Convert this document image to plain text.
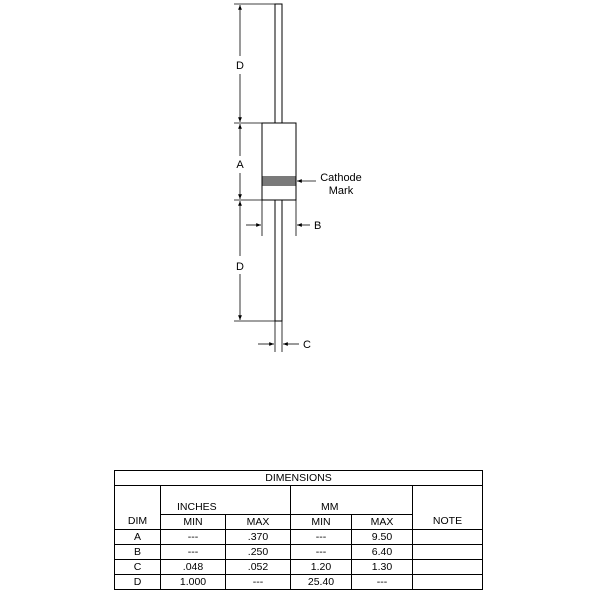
D
A
D
B
C
Cathode
Mark
DIMENSIONS					

	INCHES		MM		
DIM	MIN	MAX	MIN	MAX	NOTE
A	---	.370	---	9.50	
B	---	.250	---	6.40	
C	.048	.052	1.20	1.30	
D	1.000	---	25.40	---	
